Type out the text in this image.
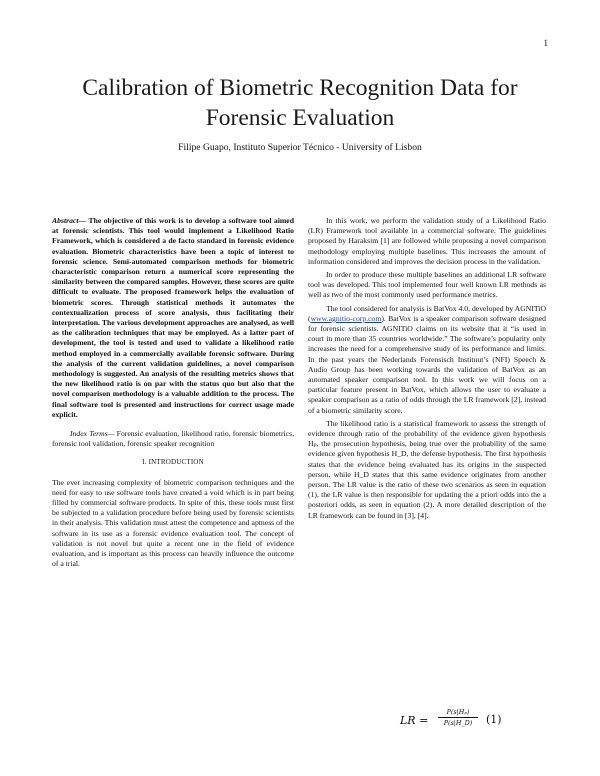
1
Calibration of Biometric Recognition Data for
Forensic Evaluation
Filipe Guapo, Instituto Superior Técnico - University of Lisbon

Abstract— The objective of this work is to develop a software tool aimed at forensic scientists. This tool would implement a Likelihood Ratio Framework, which is considered a de facto standard in forensic evidence evaluation. Biometric characteristics have been a topic of interest to forensic science. Semi-automated comparison methods for biometric characteristic comparison return a numerical score representing the similarity between the compared samples. However, these scores are quite difficult to evaluate. The proposed framework helps the evaluation of biometric scores. Through statistical methods it automates the contextualization process of score analysis, thus facilitating their interpretation. The various development approaches are analysed, as well as the calibration techniques that may be employed. As a latter part of development, the tool is tested and used to validate a likelihood ratio method employed in a commercially available forensic software. During the analysis of the current validation guidelines, a novel comparison methodology is suggested. An analysis of the resulting metrics shows that the new likelihood ratio is on par with the status quo but also that the novel comparison methodology is a valuable addition to the process. The final software tool is presented and instructions for correct usage made explicit.

Index Terms— Forensic evaluation, likelihood ratio, forensic biometrics, forensic tool validation, forensic speaker recognition

I. INTRODUCTION

The ever increasing complexity of biometric comparison techniques and the need for easy to use software tools have created a void which is in part being filled by commercial software products. In spite of this, these tools must first be subjected to a validation procedure before being used by forensic scientists in their analysis. This validation must attest the competence and aptness of the software in its use as a forensic evidence evaluation tool. The concept of validation is not novel but quite a recent one in the field of evidence evaluation, and is important as this process can heavily influence the outcome of a trial.

In this work, we perform the validation study of a Likelihood Ratio (LR) Framework tool available in a commercial software. The guidelines proposed by Haraksim [1] are followed while proposing a novel comparison methodology employing multiple baselines. This increases the amount of information considered and improves the decision process in the validation.

In order to produce these multiple baselines an additional LR software tool was developed. This tool implemented four well known LR methods as well as two of the most commonly used performance metrics.

The tool considered for analysis is BatVox 4.0, developed by AGNITiO (www.agnitio-corp.com). BatVox is a speaker comparison software designed for forensic scientists. AGNITiO claims on its website that it “is used in court in more than 35 countries worldwide.” The software’s popularity only increases the need for a comprehensive study of its performance and limits. In the past years the Nederlands Forensisch Instituut’s (NFI) Speech & Audio Group has been working towards the validation of BatVox as an automated speaker comparison tool. In this work we will focus on a particular feature present in BatVox, which allows the user to evaluate a speaker comparison as a ratio of odds through the LR framework [2], instead of a biometric similarity score.

The likelihood ratio is a statistical framework to assess the strength of evidence through ratio of the probability of the evidence given hypothesis Hₚ, the prosecution hypothesis, being true over the probability of the same evidence given hypothesis H_D, the defense hypothesis. The first hypothesis states that the evidence being evaluated has its origins in the suspected person, while H_D states that this same evidence originates from another person. The LR value is the ratio of these two scenarios as seen in equation (1), the LR value is then responsible for updating the a priori odds into the a posteriori odds, as seen in equation (2). A more detailed description of the LR framework can be found in [3], [4].

LR = $\frac{\text{P(s|Hₚ)}}{P(s|H\_D)} (1)$
